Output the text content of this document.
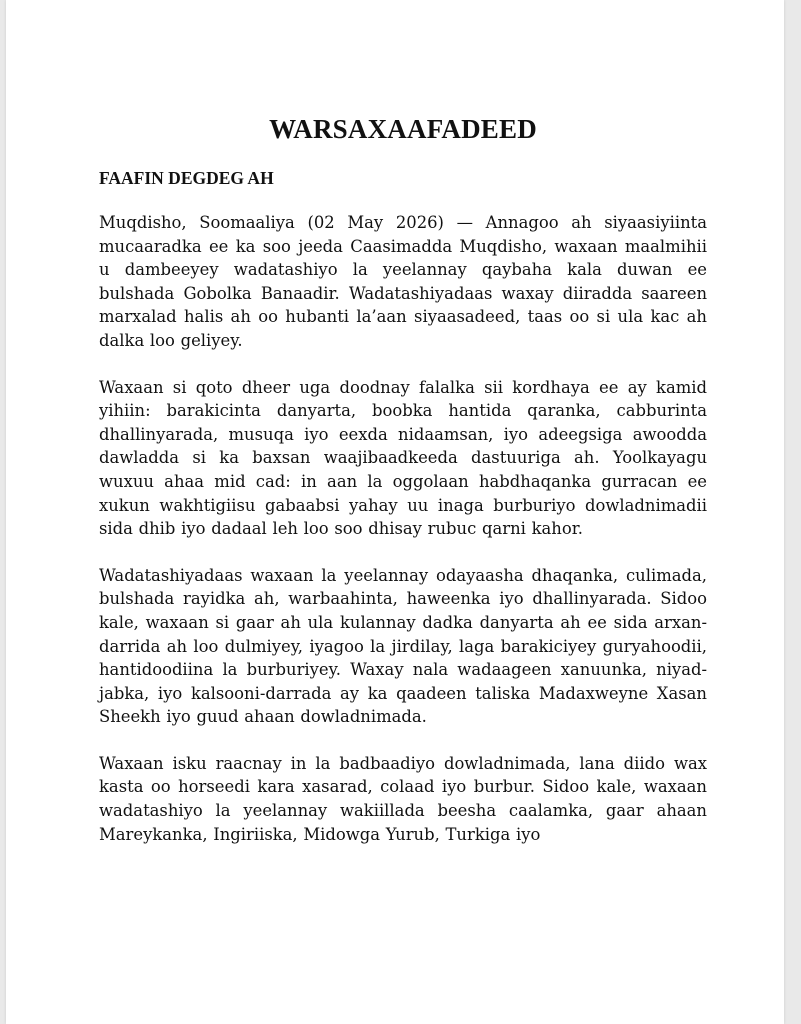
WARSAXAAFADEED
FAAFIN DEGDEG AH

Muqdisho, Soomaaliya (02 May 2026) — Annagoo ah siyaasiyiinta mucaaradka ee ka soo jeeda Caasimadda Muqdisho, waxaan maalmihii u dambeeyey wadatashiyo la yeelannay qaybaha kala duwan ee bulshada Gobolka Banaadir. Wadatashiyadaas waxay diiradda saareen marxalad halis ah oo hubanti la’aan siyaasadeed, taas oo si ula kac ah dalka loo geliyey.

Waxaan si qoto dheer uga doodnay falalka sii kordhaya ee ay kamid yihiin: barakicinta danyarta, boobka hantida qaranka, cabburinta dhallinyarada, musuqa iyo eexda nidaamsan, iyo adeegsiga awoodda dawladda si ka baxsan waajibaadkeeda dastuuriga ah. Yoolkayagu wuxuu ahaa mid cad: in aan la oggolaan habdhaqanka gurracan ee xukun wakhtigiisu gabaabsi yahay uu inaga burburiyo dowladnimadii sida dhib iyo dadaal leh loo soo dhisay rubuc qarni kahor.

Wadatashiyadaas waxaan la yeelannay odayaasha dhaqanka, culimada, bulshada rayidka ah, warbaahinta, haweenka iyo dhallinyarada. Sidoo kale, waxaan si gaar ah ula kulannay dadka danyarta ah ee sida arxan-darrida ah loo dulmiyey, iyagoo la jirdilay, laga barakiciyey guryahoodii, hantidoodiina la burburiyey. Waxay nala wadaageen xanuunka, niyad-jabka, iyo kalsooni-darrada ay ka qaadeen taliska Madaxweyne Xasan Sheekh iyo guud ahaan dowladnimada.

Waxaan isku raacnay in la badbaadiyo dowladnimada, lana diido wax kasta oo horseedi kara xasarad, colaad iyo burbur. Sidoo kale, waxaan wadatashiyo la yeelannay wakiillada beesha caalamka, gaar ahaan Mareykanka, Ingiriiska, Midowga Yurub, Turkiga iyo
